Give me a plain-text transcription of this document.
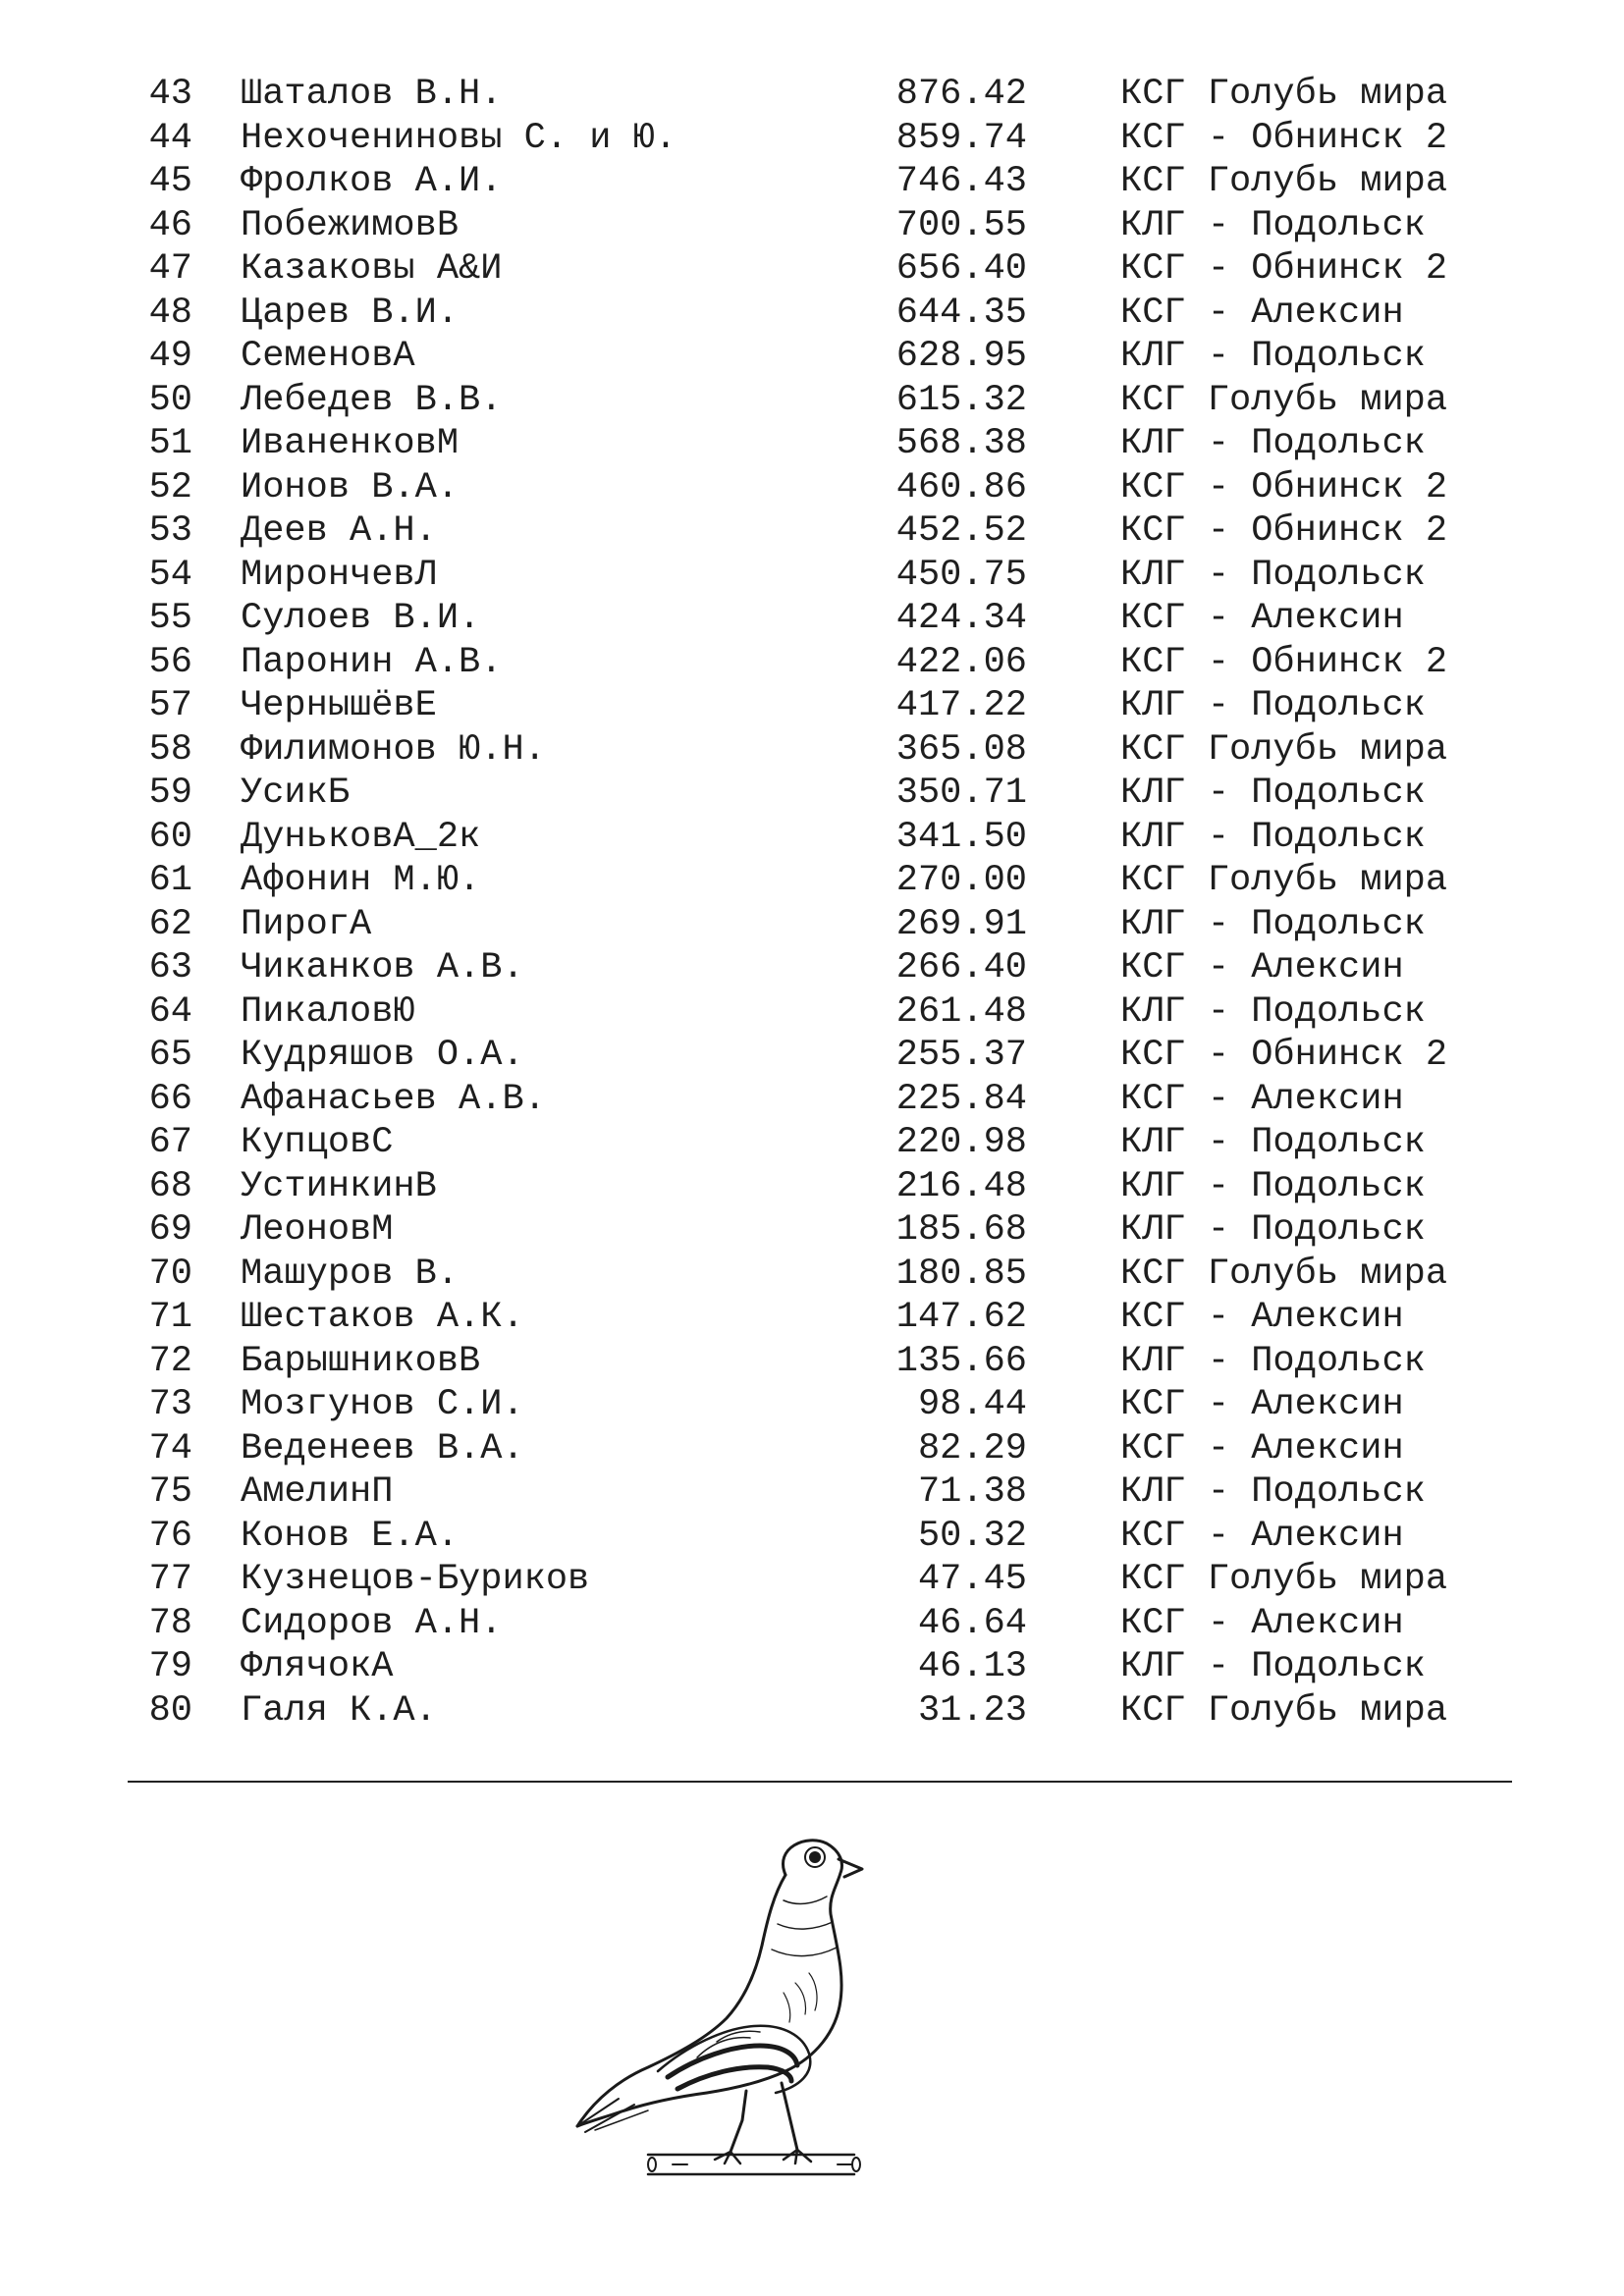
43 Шаталов В.Н.	876.42	КСГ Голубь мира
44 Нехочениновы С. и Ю.	859.74	КСГ - Обнинск 2
45 Фролков А.И.	746.43	КСГ Голубь мира
46 ПобежимовВ	700.55	КЛГ - Подольск
47 Казаковы А&И	656.40	КСГ - Обнинск 2
48 Царев В.И.	644.35	КСГ - Алексин
49 СеменовА	628.95	КЛГ - Подольск
50 Лебедев В.В.	615.32	КСГ Голубь мира
51 ИваненковМ	568.38	КЛГ - Подольск
52 Ионов В.А.	460.86	КСГ - Обнинск 2
53 Деев А.Н.	452.52	КСГ - Обнинск 2
54 МирончевЛ	450.75	КЛГ - Подольск
55 Сулоев В.И.	424.34	КСГ - Алексин
56 Паронин А.В.	422.06	КСГ - Обнинск 2
57 ЧернышёвЕ	417.22	КЛГ - Подольск
58 Филимонов Ю.Н.	365.08	КСГ Голубь мира
59 УсикБ	350.71	КЛГ - Подольск
60 ДуньковА_2к	341.50	КЛГ - Подольск
61 Афонин М.Ю.	270.00	КСГ Голубь мира
62 ПирогА	269.91	КЛГ - Подольск
63 Чиканков А.В.	266.40	КСГ - Алексин
64 ПикаловЮ	261.48	КЛГ - Подольск
65 Кудряшов О.А.	255.37	КСГ - Обнинск 2
66 Афанасьев А.В.	225.84	КСГ - Алексин
67 КупцовС	220.98	КЛГ - Подольск
68 УстинкинВ	216.48	КЛГ - Подольск
69 ЛеоновМ	185.68	КЛГ - Подольск
70 Машуров В.	180.85	КСГ Голубь мира
71 Шестаков А.К.	147.62	КСГ - Алексин
72 БарышниковВ	135.66	КЛГ - Подольск
73 Мозгунов С.И.	98.44	КСГ - Алексин
74 Веденеев В.А.	82.29	КСГ - Алексин
75 АмелинП	71.38	КЛГ - Подольск
76 Конов Е.А.	50.32	КСГ - Алексин
77 Кузнецов-Буриков	47.45	КСГ Голубь мира
78 Сидоров А.Н.	46.64	КСГ - Алексин
79 ФлячокА	46.13	КЛГ - Подольск
80 Галя К.А.	31.23	КСГ Голубь мира
